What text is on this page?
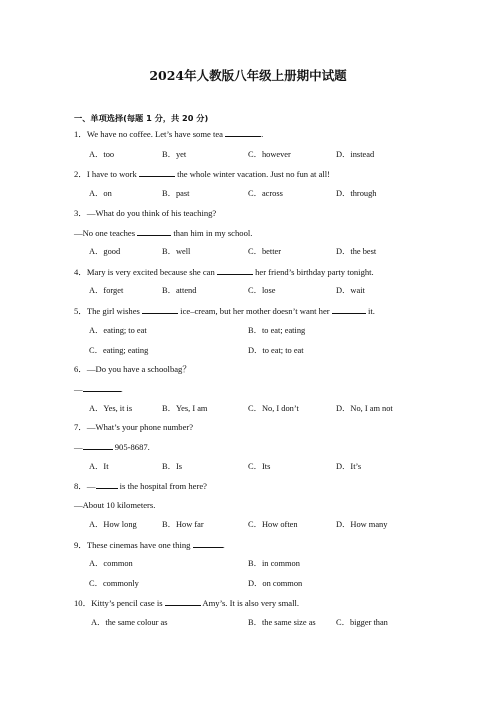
2024年人教版八年级上册期中试题
一、单项选择(每题 1 分，共 20 分)
1．We have no coffee. Let’s have some tea	.
A．too	B．yet	C．however	D．instead
2．I have to work	the whole winter vacation. Just no fun at all!
A．on	B．past	C．across	D．through
3．—What do you think of his teaching?
—No one teaches	than him in my school.
A．good	B．well	C．better	D．the best
4．Mary is very excited because she can	her friend’s birthday party tonight.
A．forget	B．attend	C．lose	D．wait
5．The girl wishes	ice–cream, but her mother doesn’t want her	it.
A．eating; to eat	B．to eat; eating
C．eating; eating	D．to eat; to eat
6．—Do you have a schoolbag？
—	.
A．Yes, it is	B．Yes, I am	C．No, I don’t	D．No, I am not
7．—What’s your phone number?
—	905-8687.
A．It	B．Is	C．Its	D．It’s
8．—	is the hospital from here?
—About 10 kilometers.
A．How long	B．How far	C．How often	D．How many
9．These cinemas have one thing	.
A．common	B．in common
C．commonly	D．on common
10．Kitty’s pencil case is	Amy’s. It is also very small.
A．the same colour as	B．the same size as C．bigger than
